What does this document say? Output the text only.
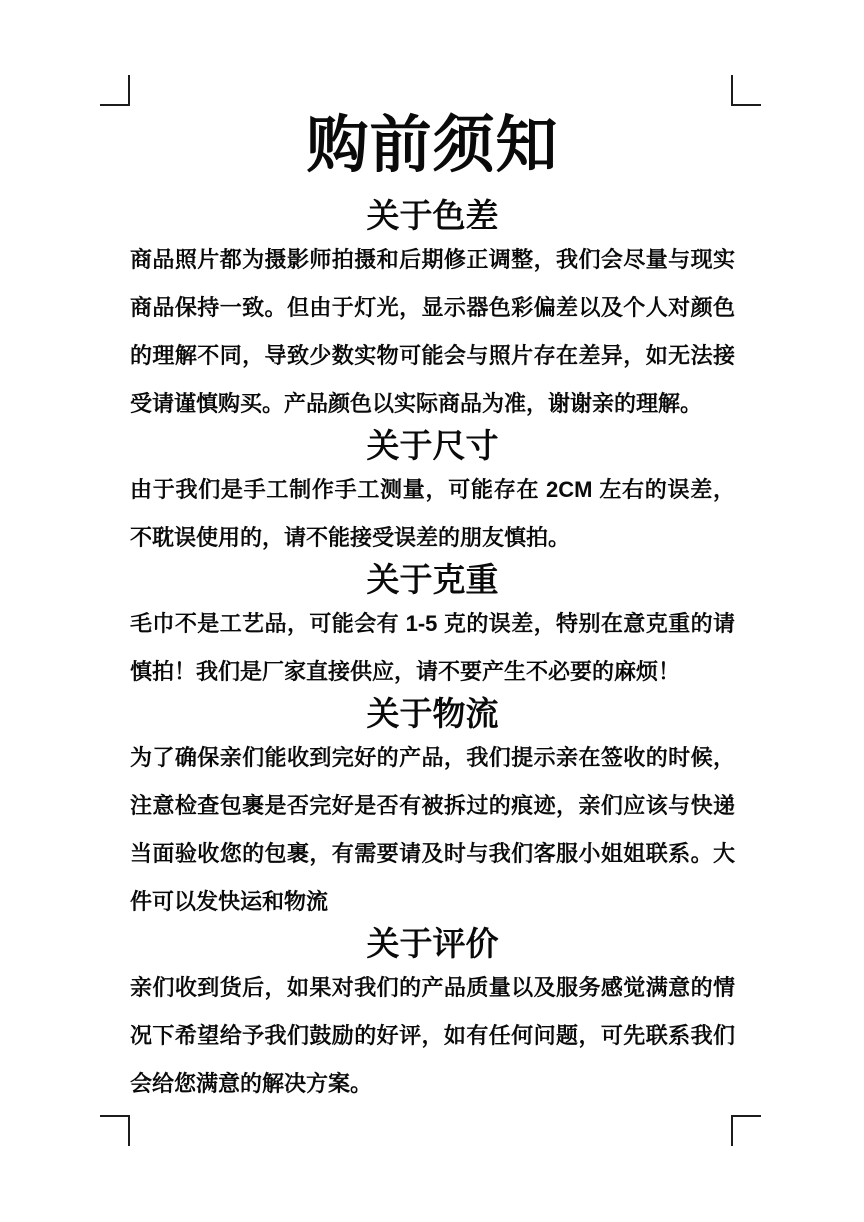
购前须知
关于色差

商品照片都为摄影师拍摄和后期修正调整，我们会尽量与现实商品保持一致。但由于灯光，显示器色彩偏差以及个人对颜色的理解不同，导致少数实物可能会与照片存在差异，如无法接受请谨慎购买。产品颜色以实际商品为准，谢谢亲的理解。

关于尺寸

由于我们是手工制作手工测量，可能存在 2CM 左右的误差，不耽误使用的，请不能接受误差的朋友慎拍。

关于克重

毛巾不是工艺品，可能会有 1-5 克的误差，特别在意克重的请慎拍！我们是厂家直接供应，请不要产生不必要的麻烦！

关于物流

为了确保亲们能收到完好的产品，我们提示亲在签收的时候，注意检查包裹是否完好是否有被拆过的痕迹，亲们应该与快递当面验收您的包裹，有需要请及时与我们客服小姐姐联系。大件可以发快运和物流

关于评价

亲们收到货后，如果对我们的产品质量以及服务感觉满意的情况下希望给予我们鼓励的好评，如有任何问题，可先联系我们会给您满意的解决方案。
